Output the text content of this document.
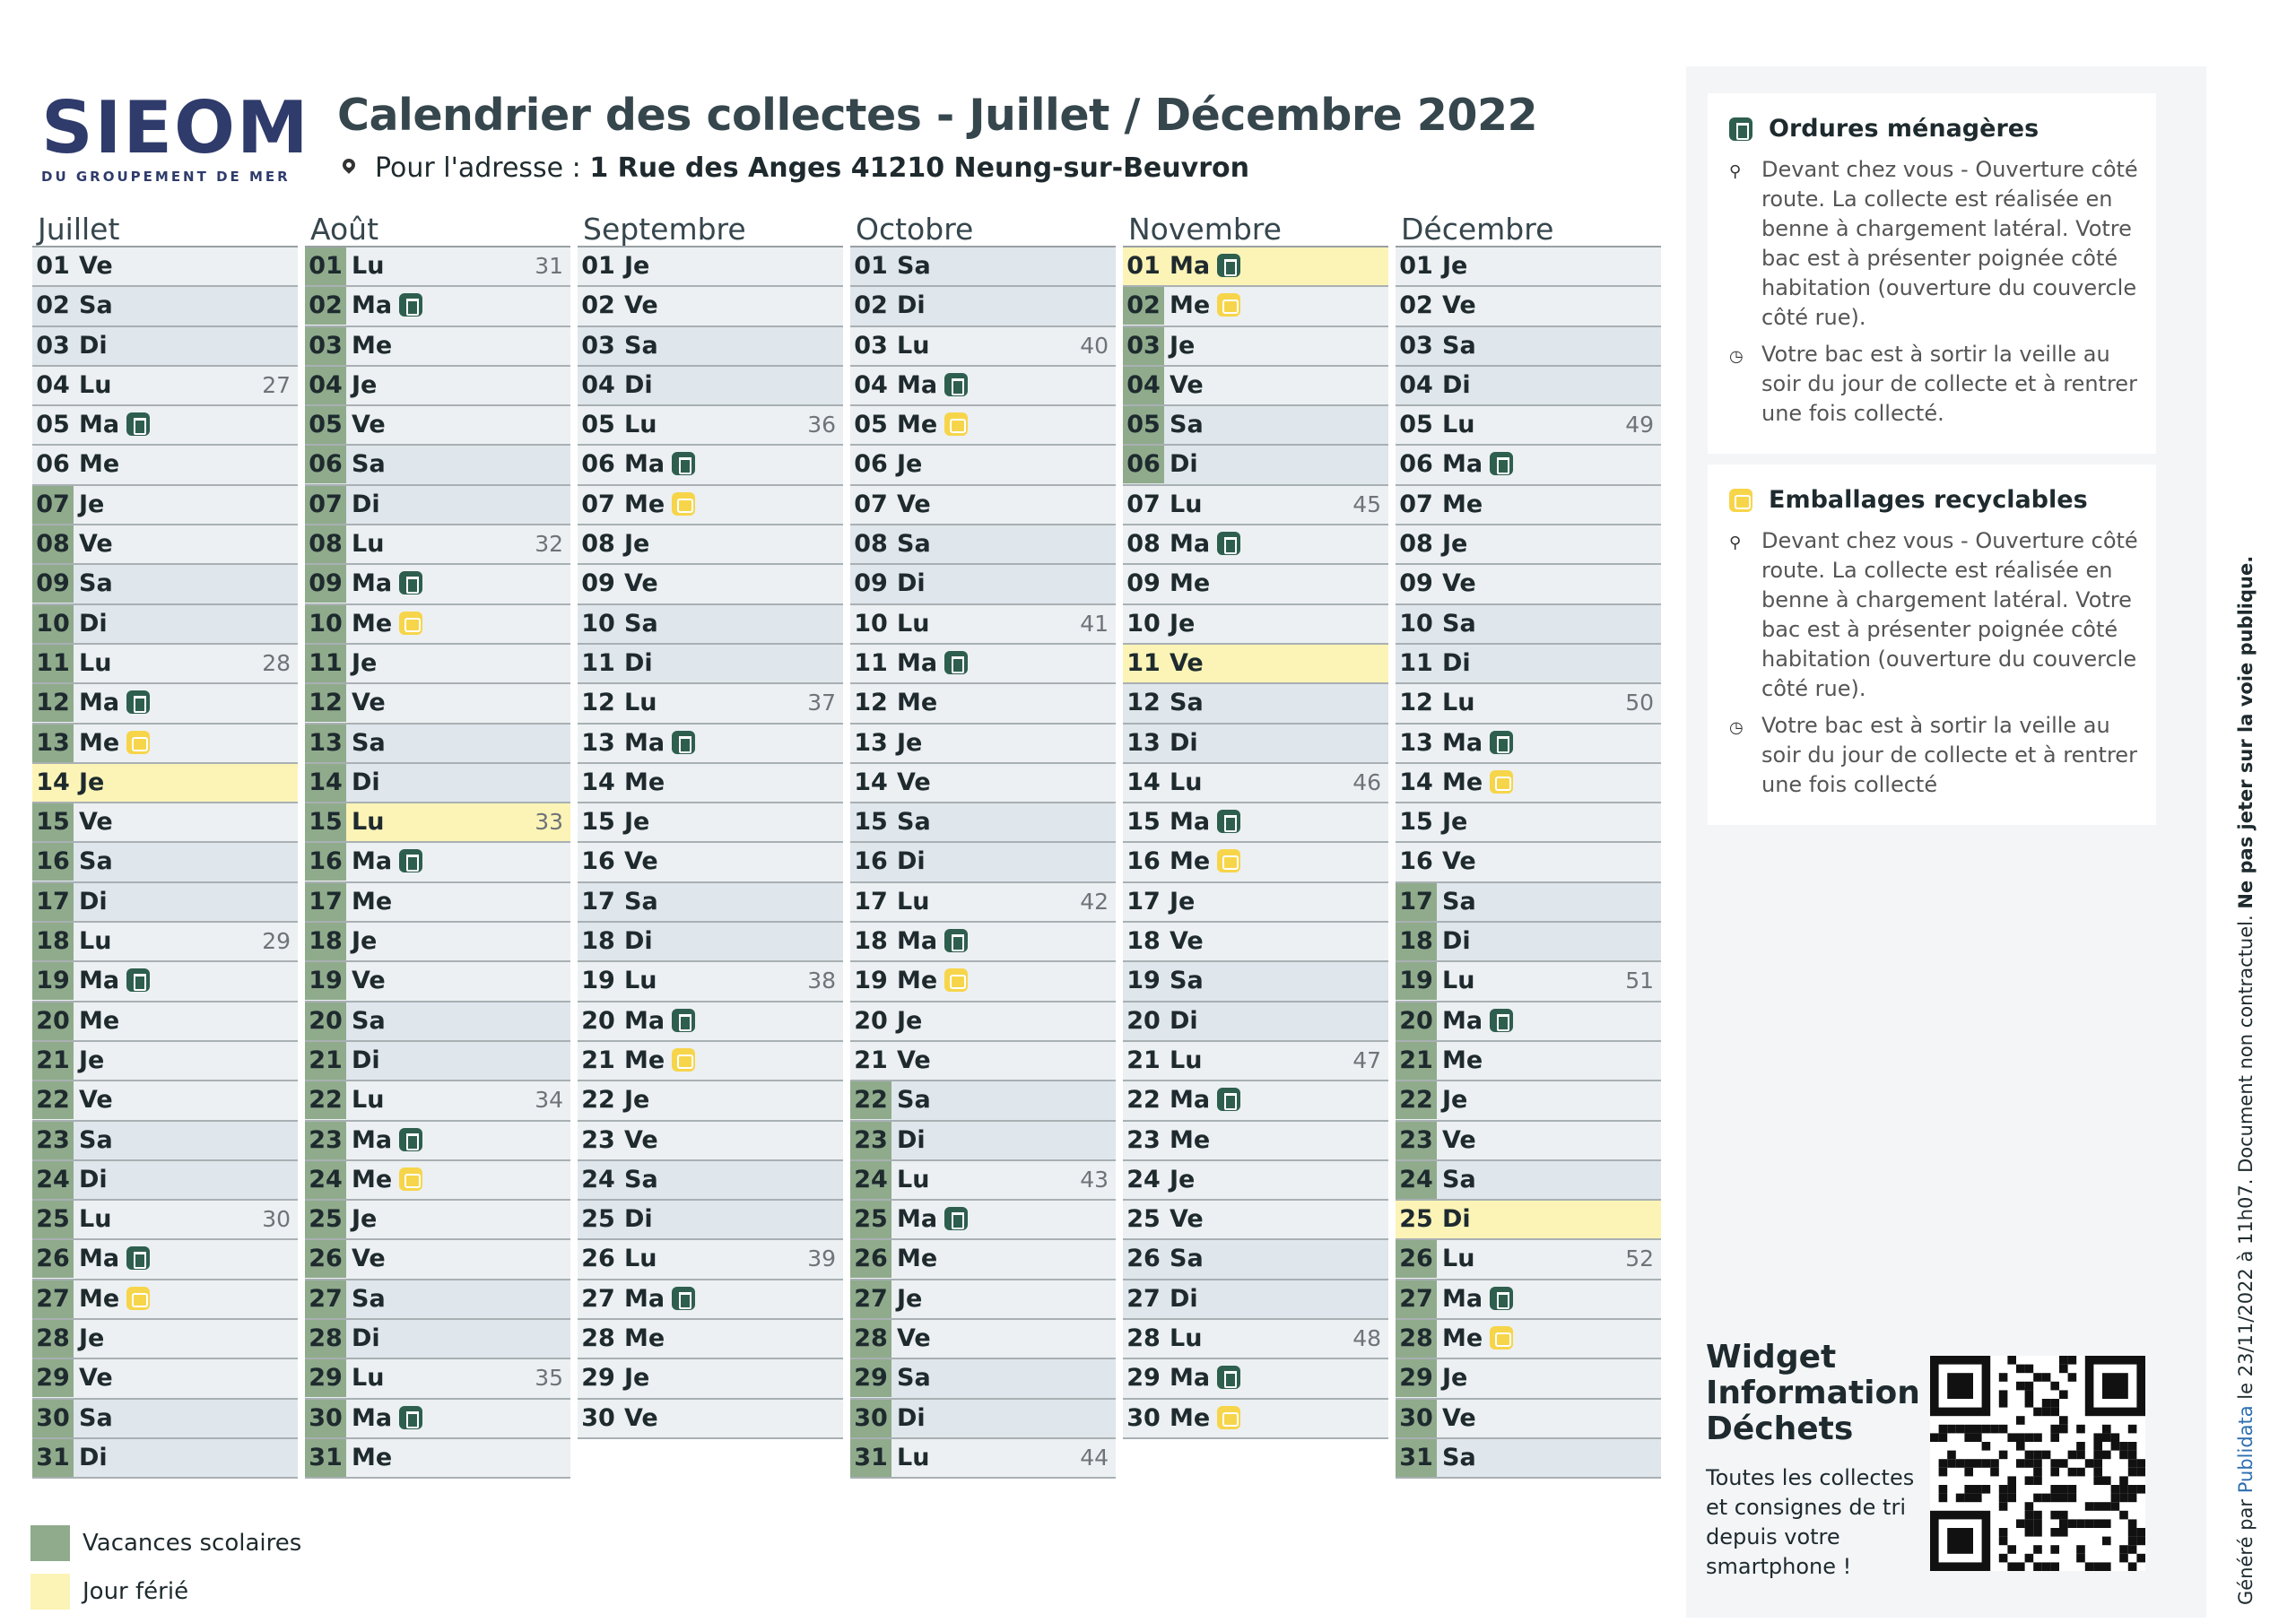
SIEOM
DU GROUPEMENT DE MER
Calendrier des collectes - Juillet / Décembre 2022
Pour l'adresse : 1 Rue des Anges 41210 Neung-sur-Beuvron
Juillet
01 Ve
02 Sa
03 Di
04 Lu	27
05 Ma
06 Me
07 Je
08 Ve
09 Sa
10 Di
11 Lu	28
12 Ma
13 Me
14 Je
15 Ve
16 Sa
17 Di
18 Lu	29
19 Ma
20 Me
21 Je
22 Ve
23 Sa
24 Di
25 Lu	30
26 Ma
27 Me
28 Je
29 Ve
30 Sa
31 Di
Août
01 Lu	31
02 Ma
03 Me
04 Je
05 Ve
06 Sa
07 Di
08 Lu	32
09 Ma
10 Me
11 Je
12 Ve
13 Sa
14 Di
15 Lu	33
16 Ma
17 Me
18 Je
19 Ve
20 Sa
21 Di
22 Lu	34
23 Ma
24 Me
25 Je
26 Ve
27 Sa
28 Di
29 Lu	35
30 Ma
31 Me
Septembre
01 Je
02 Ve
03 Sa
04 Di
05 Lu	36
06 Ma
07 Me
08 Je
09 Ve
10 Sa
11 Di
12 Lu	37
13 Ma
14 Me
15 Je
16 Ve
17 Sa
18 Di
19 Lu	38
20 Ma
21 Me
22 Je
23 Ve
24 Sa
25 Di
26 Lu	39
27 Ma
28 Me
29 Je
30 Ve
Octobre
01 Sa
02 Di
03 Lu	40
04 Ma
05 Me
06 Je
07 Ve
08 Sa
09 Di
10 Lu	41
11 Ma
12 Me
13 Je
14 Ve
15 Sa
16 Di
17 Lu	42
18 Ma
19 Me
20 Je
21 Ve
22 Sa
23 Di
24 Lu	43
25 Ma
26 Me
27 Je
28 Ve
29 Sa
30 Di
31 Lu	44
Novembre
01 Ma
02 Me
03 Je
04 Ve
05 Sa
06 Di
07 Lu	45
08 Ma
09 Me
10 Je
11 Ve
12 Sa
13 Di
14 Lu	46
15 Ma
16 Me
17 Je
18 Ve
19 Sa
20 Di
21 Lu	47
22 Ma
23 Me
24 Je
25 Ve
26 Sa
27 Di
28 Lu	48
29 Ma
30 Me
Décembre
01 Je
02 Ve
03 Sa
04 Di
05 Lu	49
06 Ma
07 Me
08 Je
09 Ve
10 Sa
11 Di
12 Lu	50
13 Ma
14 Me
15 Je
16 Ve
17 Sa
18 Di
19 Lu	51
20 Ma
21 Me
22 Je
23 Ve
24 Sa
25 Di
26 Lu	52
27 Ma
28 Me
29 Je
30 Ve
31 Sa
Vacances scolaires
Jour férié
Ordures ménagères
⚲ Devant chez vous - Ouverture côté route. La collecte est réalisée en benne à chargement latéral. Votre bac est à présenter poignée côté habitation (ouverture du couvercle côté rue).
◷ Votre bac est à sortir la veille au soir du jour de collecte et à rentrer une fois collecté.
Emballages recyclables
⚲ Devant chez vous - Ouverture côté route. La collecte est réalisée en benne à chargement latéral. Votre bac est à présenter poignée côté habitation (ouverture du couvercle côté rue).
◷ Votre bac est à sortir la veille au soir du jour de collecte et à rentrer une fois collecté
Widget Information Déchets
Toutes les collectes et consignes de tri depuis votre smartphone !	Généré par Publidata le 23/11/2022 à 11h07. Document non contractuel. Ne pas jeter sur la voie publique.
